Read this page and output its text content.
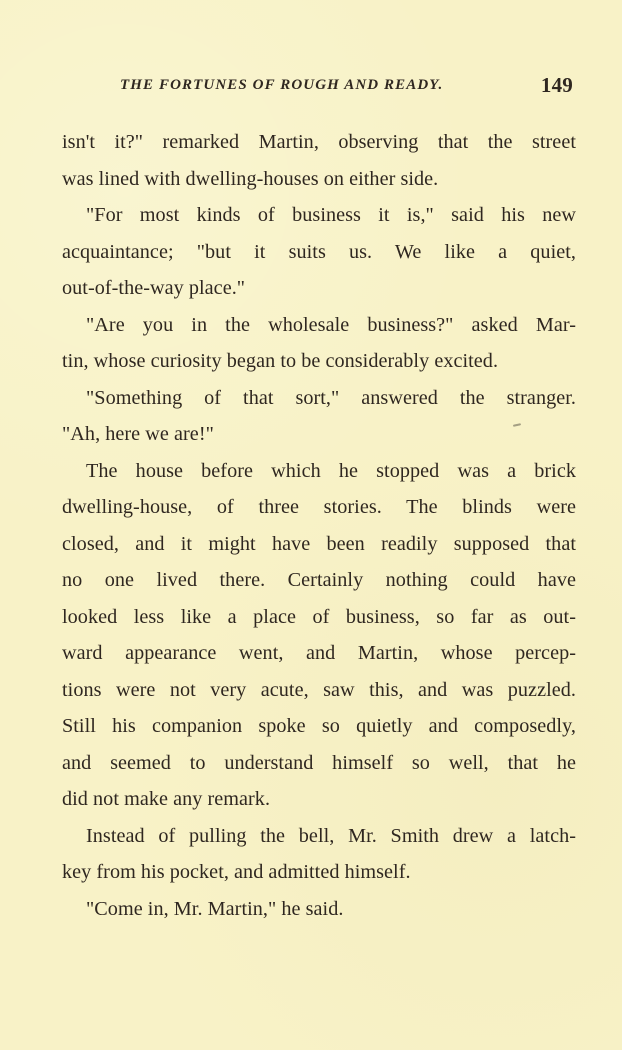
THE FORTUNES OF ROUGH AND READY.	149
isn't it?" remarked Martin, observing that the street
was lined with dwelling-houses on either side.
"For most kinds of business it is," said his new
acquaintance; "but it suits us. We like a quiet,
out-of-the-way place."
"Are you in the wholesale business?" asked Mar-
tin, whose curiosity began to be considerably excited.
"Something of that sort," answered the stranger.
"Ah, here we are!"
The house before which he stopped was a brick
dwelling-house, of three stories. The blinds were
closed, and it might have been readily supposed that
no one lived there. Certainly nothing could have
looked less like a place of business, so far as out-
ward appearance went, and Martin, whose percep-
tions were not very acute, saw this, and was puzzled.
Still his companion spoke so quietly and composedly,
and seemed to understand himself so well, that he
did not make any remark.
Instead of pulling the bell, Mr. Smith drew a latch-
key from his pocket, and admitted himself.
"Come in, Mr. Martin," he said.
